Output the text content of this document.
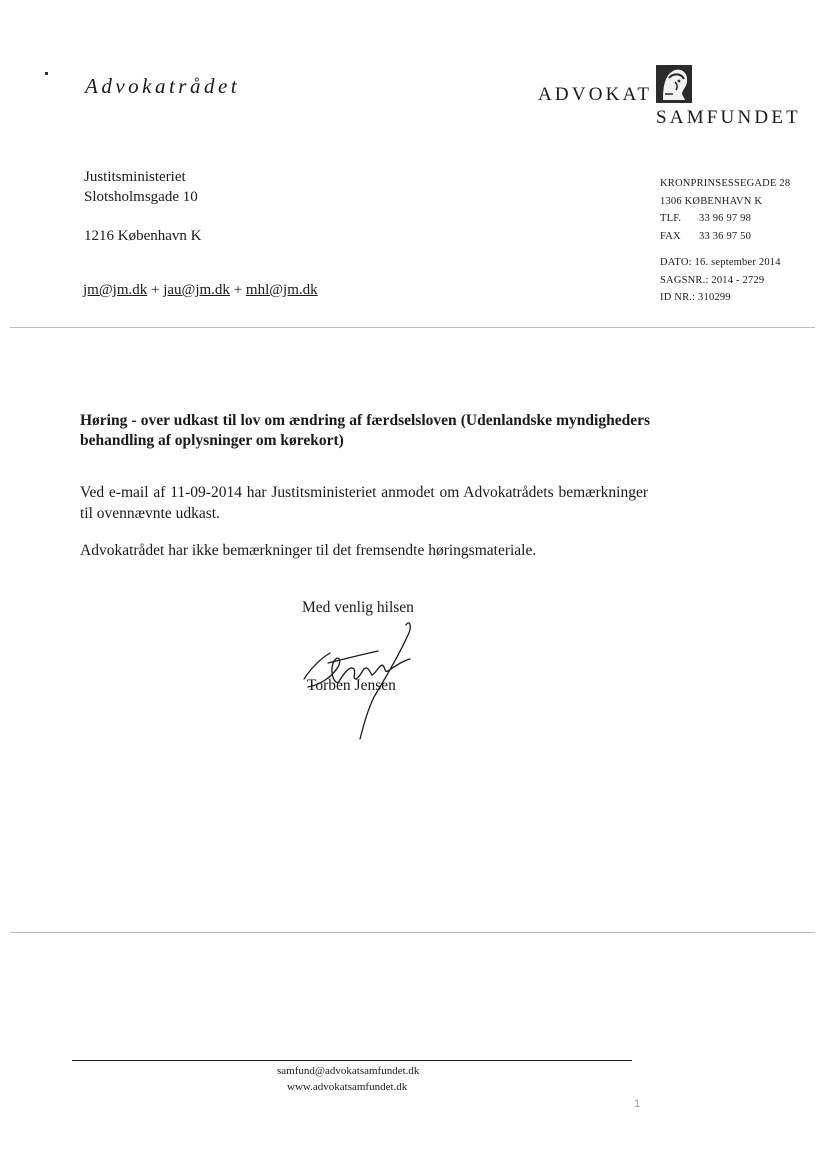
Advokatrådet	ADVOKAT
SAMFUNDET
Justitsministeriet
Slotsholmsgade 10
1216 København K
jm@jm.dk + jau@jm.dk + mhl@jm.dk
KRONPRINSESSEGADE 28
1306 KØBENHAVN K
TLF. 33 96 97 98
FAX 33 36 97 50
DATO: 16. september 2014
SAGSNR.: 2014 - 2729
ID NR.: 310299
Høring - over udkast til lov om ændring af færdselsloven (Udenlandske myndigheders behandling af oplysninger om kørekort)
Ved e-mail af 11-09-2014 har Justitsministeriet anmodet om Advokatrådets bemærkninger til ovennævnte udkast.
Advokatrådet har ikke bemærkninger til det fremsendte høringsmateriale.
Med venlig hilsen
Torben Jensen
samfund@advokatsamfundet.dk
www.advokatsamfundet.dk
1
